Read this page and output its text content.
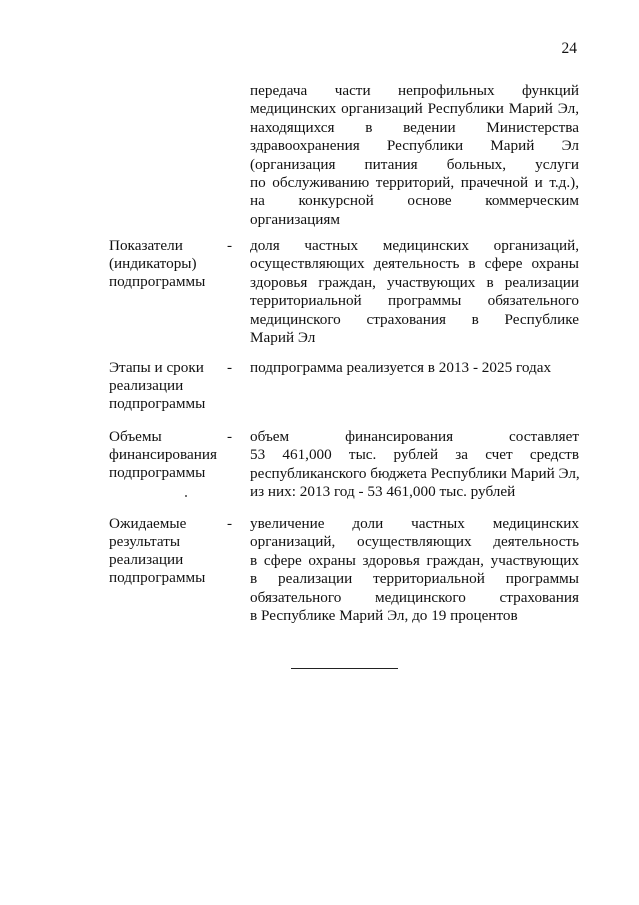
24
передача части непрофильных функций
медицинских организаций Республики Марий Эл,
находящихся в ведении Министерства
здравоохранения Республики Марий Эл
(организация питания больных, услуги
по обслуживанию территорий, прачечной и т.д.),
на конкурсной основе коммерческим
организациям
Показатели
(индикаторы)
подпрограммы
- доля частных медицинских организаций,
осуществляющих деятельность в сфере охраны
здоровья граждан, участвующих в реализации
территориальной программы обязательного
медицинского страхования в Республике
Марий Эл
Этапы и сроки
реализации
подпрограммы
- подпрограмма реализуется в 2013 - 2025 годах
Объемы
финансирования
подпрограммы
- объем финансирования составляет
53 461,000 тыс. рублей за счет средств
республиканского бюджета Республики Марий Эл,
из них: 2013 год - 53 461,000 тыс. рублей
Ожидаемые
результаты
реализации
подпрограммы
- увеличение доли частных медицинских
организаций, осуществляющих деятельность
в сфере охраны здоровья граждан, участвующих
в реализации территориальной программы
обязательного медицинского страхования
в Республике Марий Эл, до 19 процентов
